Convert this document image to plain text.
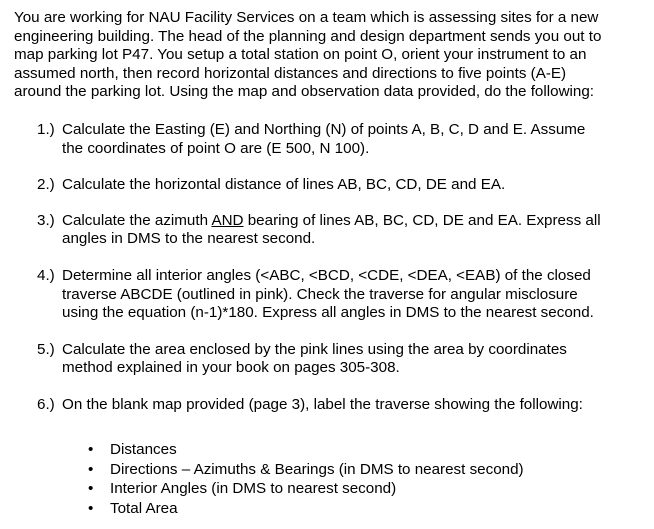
You are working for NAU Facility Services on a team which is assessing sites for a new
engineering building. The head of the planning and design department sends you out to
map parking lot P47. You setup a total station on point O, orient your instrument to an
assumed north, then record horizontal distances and directions to five points (A-E)
around the parking lot. Using the map and observation data provided, do the following:

1.) Calculate the Easting (E) and Northing (N) of points A, B, C, D and E. Assume
the coordinates of point O are (E 500, N 100).
2.) Calculate the horizontal distance of lines AB, BC, CD, DE and EA.
3.) Calculate the azimuth AND bearing of lines AB, BC, CD, DE and EA. Express all
angles in DMS to the nearest second.
4.) Determine all interior angles (<ABC, <BCD, <CDE, <DEA, <EAB) of the closed
traverse ABCDE (outlined in pink). Check the traverse for angular misclosure
using the equation (n-1)*180. Express all angles in DMS to the nearest second.
5.) Calculate the area enclosed by the pink lines using the area by coordinates
method explained in your book on pages 305-308.
6.) On the blank map provided (page 3), label the traverse showing the following:
• Distances
• Directions – Azimuths & Bearings (in DMS to nearest second)
• Interior Angles (in DMS to nearest second)
• Total Area
